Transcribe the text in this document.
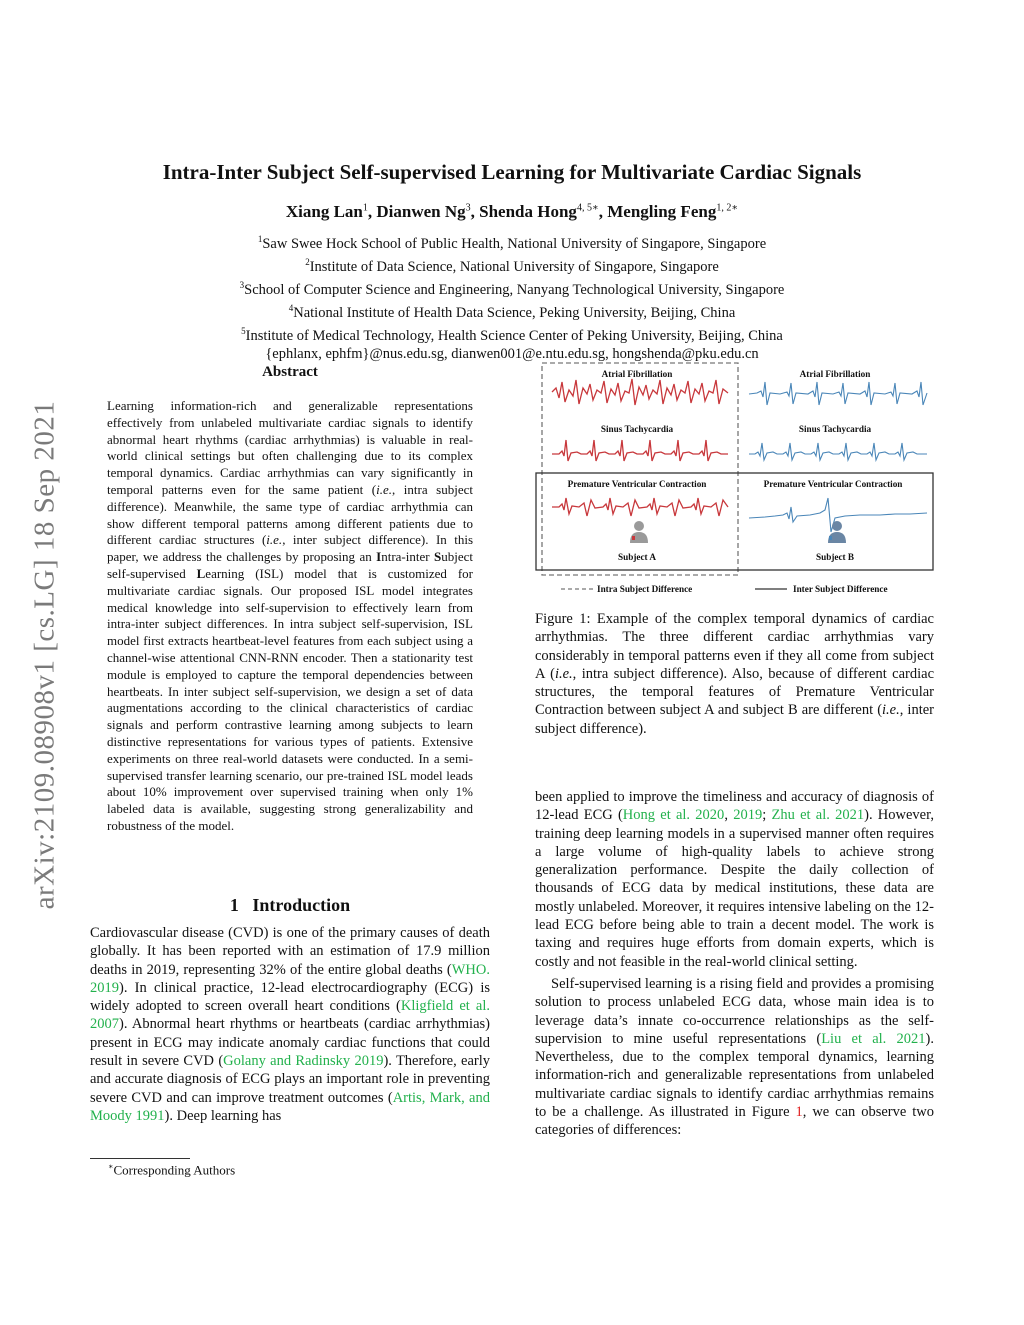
arXiv:2109.08908v1 [cs.LG] 18 Sep 2021
Intra-Inter Subject Self-supervised Learning for Multivariate Cardiac Signals
Xiang Lan$^1$, Dianwen Ng$^3$, Shenda Hong$^{4, 5∗}$, Mengling Feng$^{1, 2∗}$
$^1$Saw Swee Hock School of Public Health, National University of Singapore, Singapore
$^2$Institute of Data Science, National University of Singapore, Singapore
$^3$School of Computer Science and Engineering, Nanyang Technological University, Singapore
$^4$National Institute of Health Data Science, Peking University, Beijing, China
$^5$Institute of Medical Technology, Health Science Center of Peking University, Beijing, China
{ephlanx, ephfm}@nus.edu.sg, dianwen001@e.ntu.edu.sg, hongshenda@pku.edu.cn
Abstract
Learning information-rich and generalizable representations effectively from unlabeled multivariate cardiac signals to identify abnormal heart rhythms (cardiac arrhythmias) is valuable in real-world clinical settings but often challenging due to its complex temporal dynamics. Cardiac arrhythmias can vary significantly in temporal patterns even for the same patient (i.e., intra subject difference). Meanwhile, the same type of cardiac arrhythmia can show different temporal patterns among different patients due to different cardiac structures (i.e., inter subject difference). In this paper, we address the challenges by proposing an Intra-inter Subject self-supervised Learning (ISL) model that is customized for multivariate cardiac signals. Our proposed ISL model integrates medical knowledge into self-supervision to effectively learn from intra-inter subject differences. In intra subject self-supervision, ISL model first extracts heartbeat-level features from each subject using a channel-wise attentional CNN-RNN encoder. Then a stationarity test module is employed to capture the temporal dependencies between heartbeats. In inter subject self-supervision, we design a set of data augmentations according to the clinical characteristics of cardiac signals and perform contrastive learning among subjects to learn distinctive representations for various types of patients. Extensive experiments on three real-world datasets were conducted. In a semi-supervised transfer learning scenario, our pre-trained ISL model leads about 10% improvement over supervised training when only 1% labeled data is available, suggesting strong generalizability and robustness of the model.
1 Introduction

Cardiovascular disease (CVD) is one of the primary causes of death globally. It has been reported with an estimation of 17.9 million deaths in 2019, representing 32% of the entire global deaths (WHO. 2019). In clinical practice, 12-lead electrocardiography (ECG) is widely adopted to screen overall heart conditions (Kligfield et al. 2007). Abnormal heart rhythms or heartbeats (cardiac arrhythmias) present in ECG may indicate anomaly cardiac functions that could result in severe CVD (Golany and Radinsky 2019). Therefore, early and accurate diagnosis of ECG plays an important role in preventing severe CVD and can improve treatment outcomes (Artis, Mark, and Moody 1991). Deep learning has

∗Corresponding Authors
Atrial Fibrillation	Atrial Fibrillation
Sinus Tachycardia	Sinus Tachycardia
Premature Ventricular Contraction	Premature Ventricular Contraction
Subject A	Subject B
Intra Subject Difference	Inter Subject Difference
Figure 1: Example of the complex temporal dynamics of cardiac arrhythmias. The three different cardiac arrhythmias vary considerably in temporal patterns even if they all come from subject A (i.e., intra subject difference). Also, because of different cardiac structures, the temporal features of Premature Ventricular Contraction between subject A and subject B are different (i.e., inter subject difference).

been applied to improve the timeliness and accuracy of diagnosis of 12-lead ECG (Hong et al. 2020, 2019; Zhu et al. 2021). However, training deep learning models in a supervised manner often requires a large volume of high-quality labels to achieve strong generalization performance. Despite the daily collection of thousands of ECG data by medical institutions, these data are mostly unlabeled. Moreover, it requires intensive labeling on the 12-lead ECG before being able to train a decent model. The work is taxing and requires huge efforts from domain experts, which is costly and not feasible in the real-world clinical setting.

Self-supervised learning is a rising field and provides a promising solution to process unlabeled ECG data, whose main idea is to leverage data’s innate co-occurrence relationships as the self-supervision to mine useful representations (Liu et al. 2021). Nevertheless, due to the complex temporal dynamics, learning information-rich and generalizable representations from unlabeled multivariate cardiac signals to identify cardiac arrhythmias remains to be a challenge. As illustrated in Figure 1, we can observe two categories of differences:
